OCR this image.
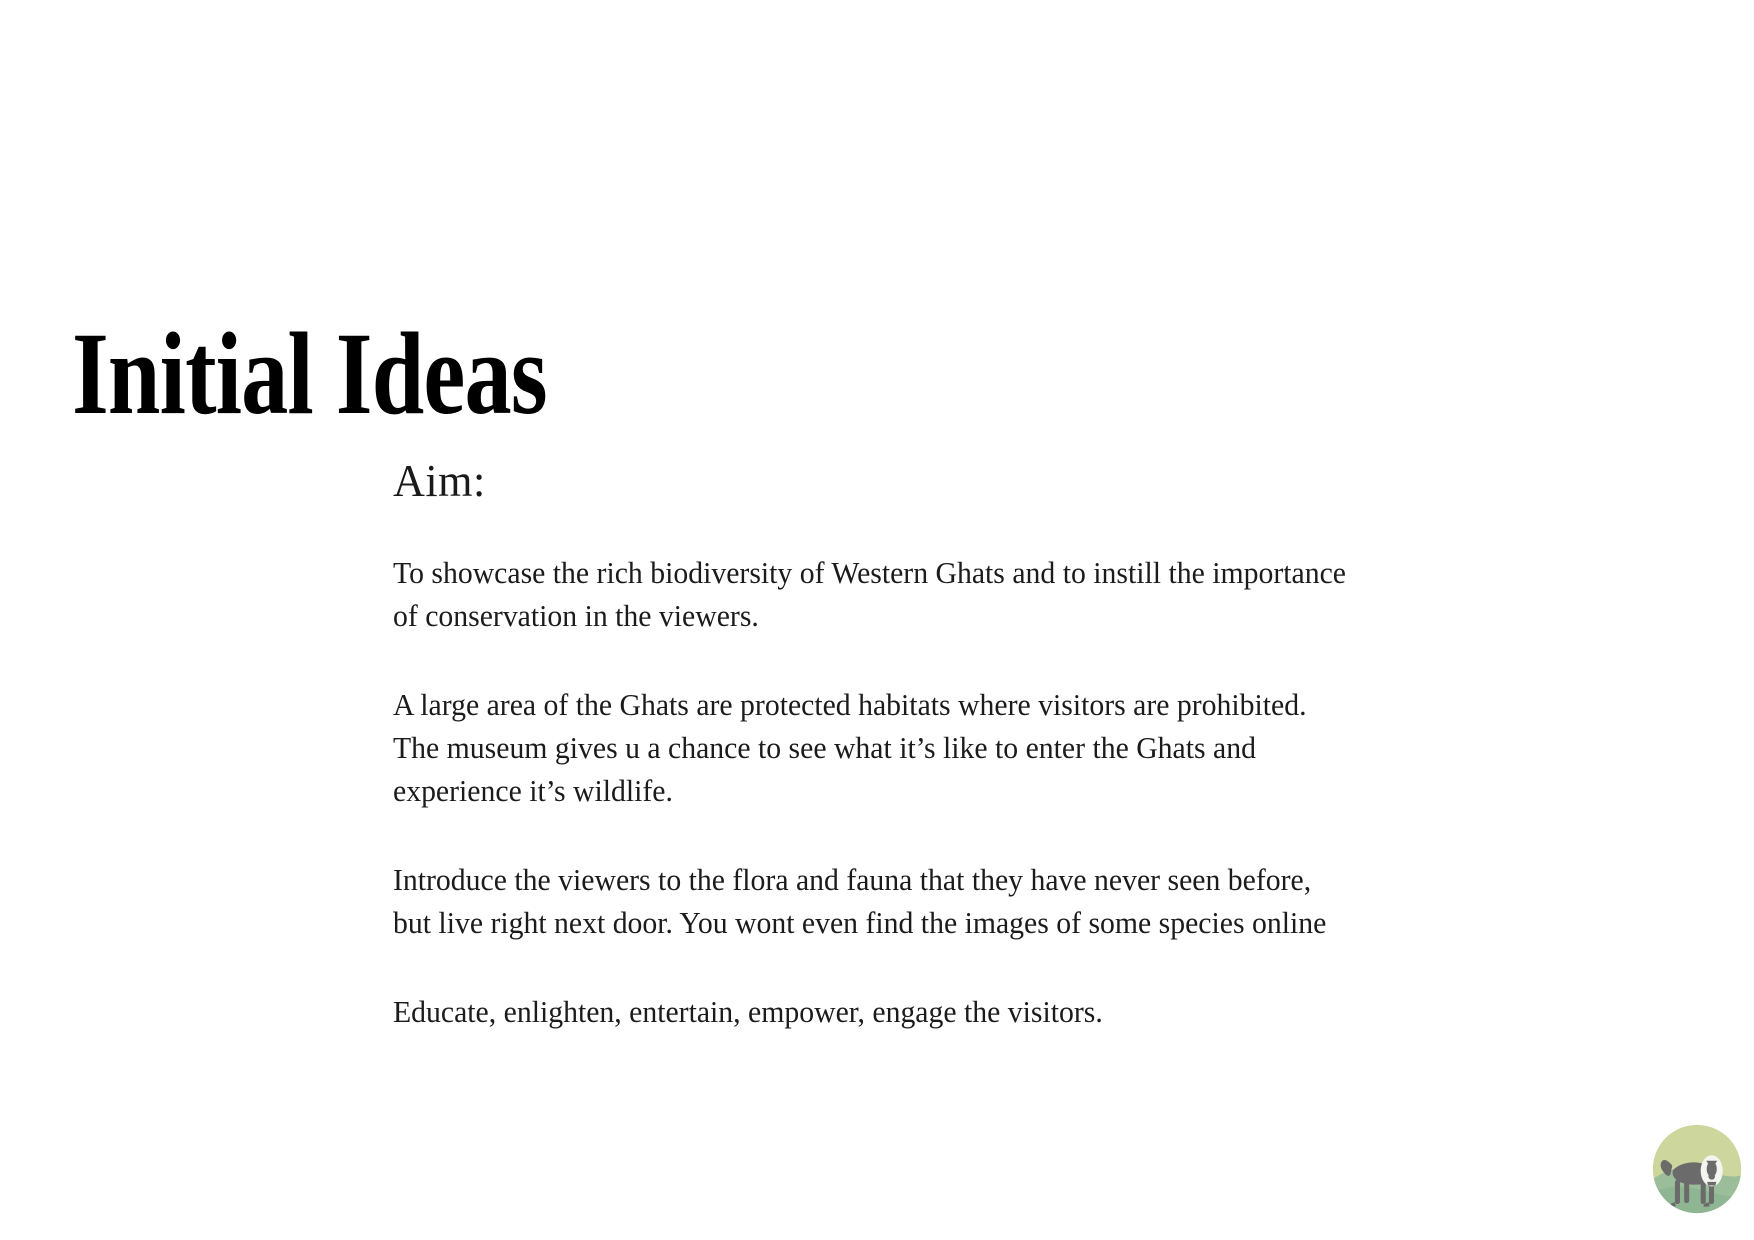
Initial Ideas
Aim:

To showcase the rich biodiversity of Western Ghats and to instill the importance of conservation in the viewers.

A large area of the Ghats are protected habitats where visitors are prohibited. The museum gives u a chance to see what it’s like to enter the Ghats and experience it’s wildlife.

Introduce the viewers to the flora and fauna that they have never seen before, but live right next door. You wont even find the images of some species online

Educate, enlighten, entertain, empower, engage the visitors.
